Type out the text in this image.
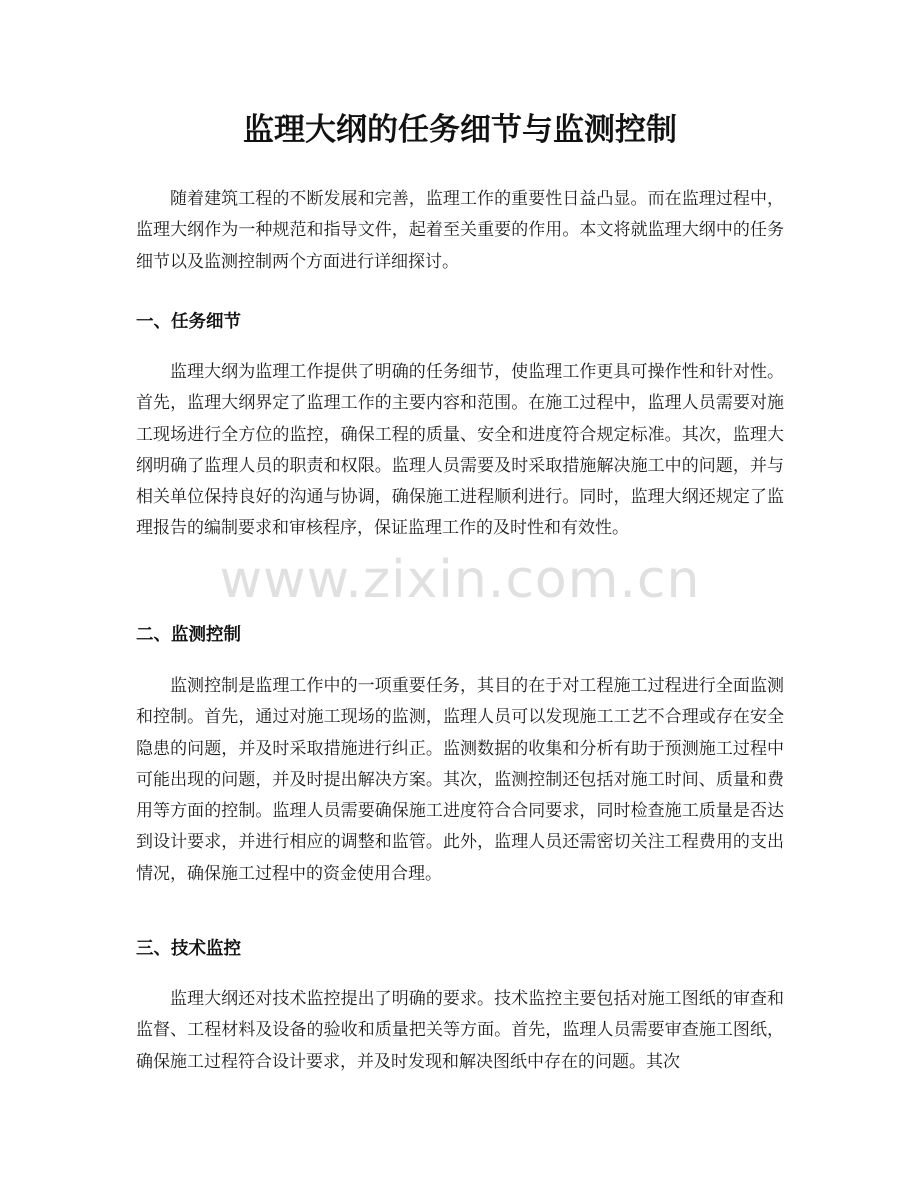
监理大纲的任务细节与监测控制

随着建筑工程的不断发展和完善，监理工作的重要性日益凸显。而在监理过程中，监理大纲作为一种规范和指导文件，起着至关重要的作用。本文将就监理大纲中的任务细节以及监测控制两个方面进行详细探讨。

一、任务细节

监理大纲为监理工作提供了明确的任务细节，使监理工作更具可操作性和针对性。首先，监理大纲界定了监理工作的主要内容和范围。在施工过程中，监理人员需要对施工现场进行全方位的监控，确保工程的质量、安全和进度符合规定标准。其次，监理大纲明确了监理人员的职责和权限。监理人员需要及时采取措施解决施工中的问题，并与相关单位保持良好的沟通与协调，确保施工进程顺利进行。同时，监理大纲还规定了监理报告的编制要求和审核程序，保证监理工作的及时性和有效性。

二、监测控制

监测控制是监理工作中的一项重要任务，其目的在于对工程施工过程进行全面监测和控制。首先，通过对施工现场的监测，监理人员可以发现施工工艺不合理或存在安全隐患的问题，并及时采取措施进行纠正。监测数据的收集和分析有助于预测施工过程中可能出现的问题，并及时提出解决方案。其次，监测控制还包括对施工时间、质量和费用等方面的控制。监理人员需要确保施工进度符合合同要求，同时检查施工质量是否达到设计要求，并进行相应的调整和监管。此外，监理人员还需密切关注工程费用的支出情况，确保施工过程中的资金使用合理。

三、技术监控

监理大纲还对技术监控提出了明确的要求。技术监控主要包括对施工图纸的审查和监督、工程材料及设备的验收和质量把关等方面。首先，监理人员需要审查施工图纸，确保施工过程符合设计要求，并及时发现和解决图纸中存在的问题。其次

www.zixin.com.cn
